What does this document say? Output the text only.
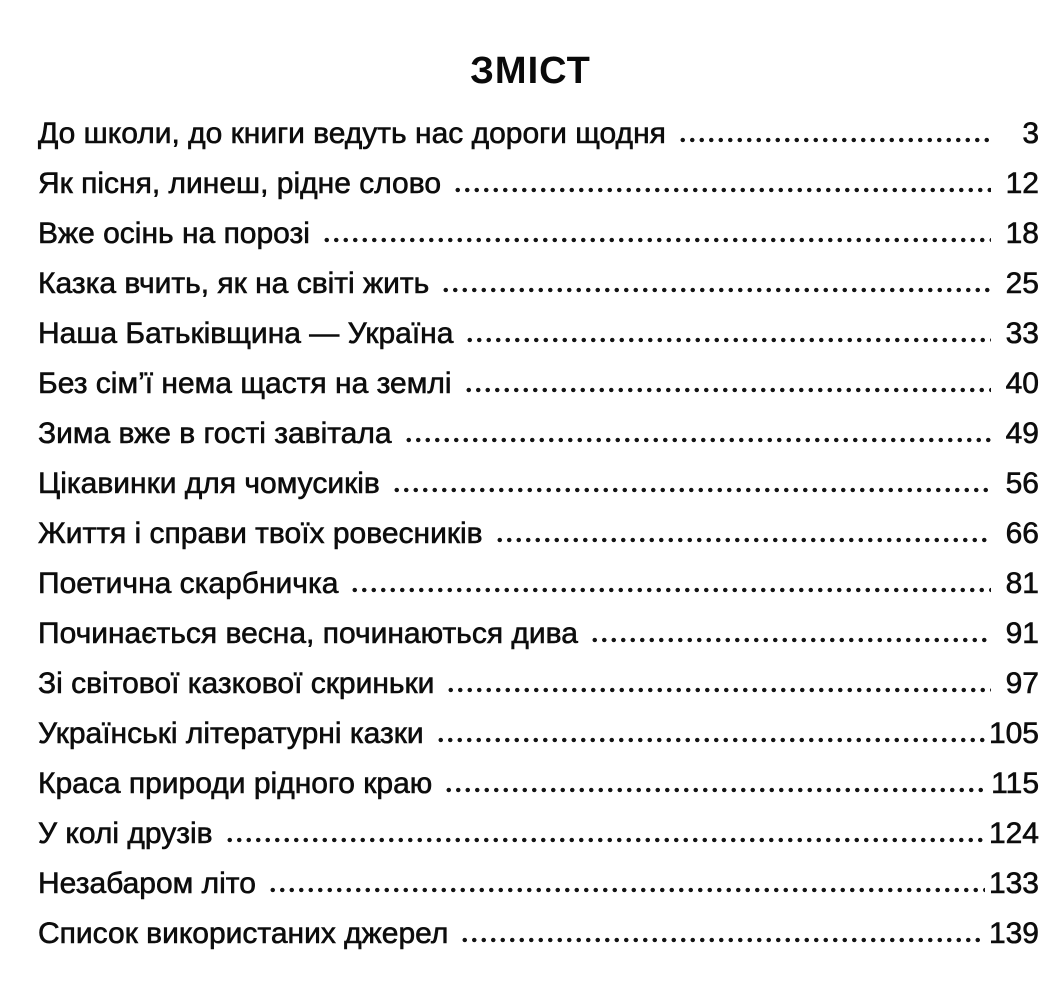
ЗМІСТ
До школи, до книги ведуть нас дороги щодня	3
Як пісня, линеш, рідне слово	12
Вже осінь на порозі	18
Казка вчить, як на світі жить	25
Наша Батьківщина — Україна	33
Без сім’ї нема щастя на землі	40
Зима вже в гості завітала	49
Цікавинки для чомусиків	56
Життя і справи твоїх ровесників	66
Поетична скарбничка	81
Починається весна, починаються дива	91
Зі світової казкової скриньки	97
Українські літературні казки	105
Краса природи рідного краю	115
У колі друзів	124
Незабаром літо	133
Список використаних джерел	139
